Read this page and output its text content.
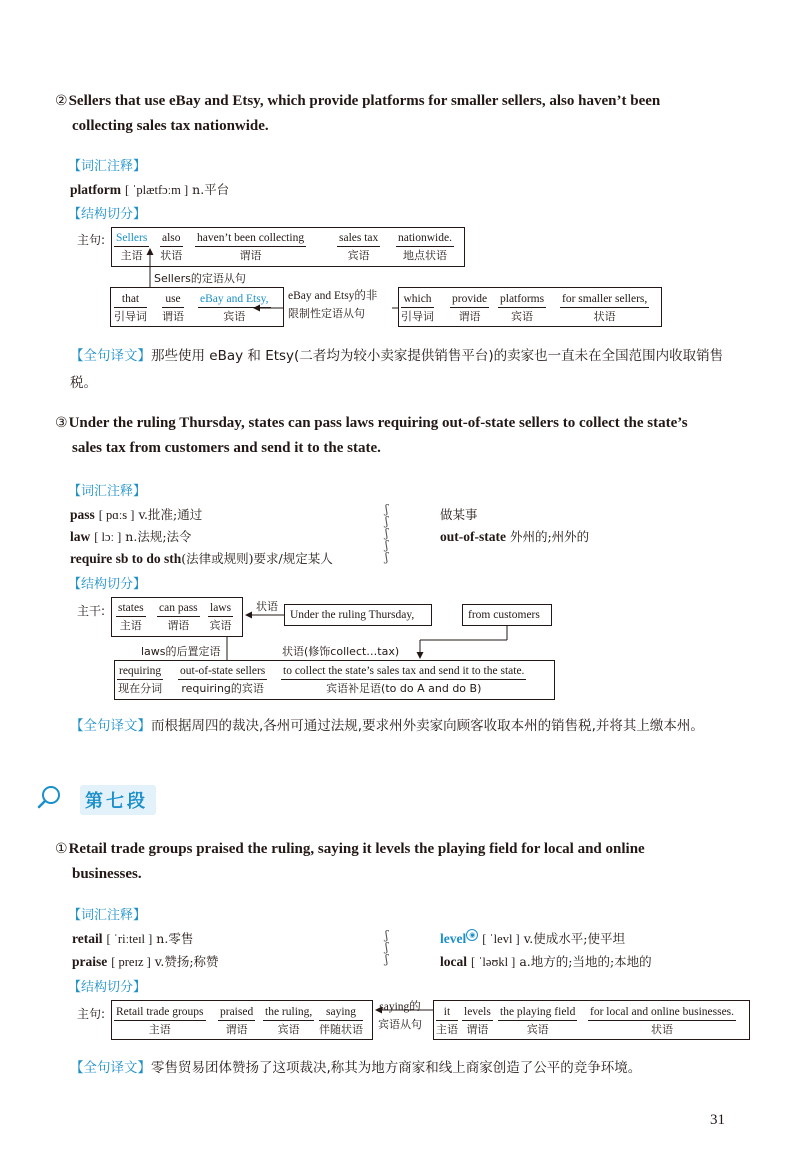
②Sellers that use eBay and Etsy, which provide platforms for smaller sellers, also haven’t been
collecting sales tax nationwide.
【词汇注释】
platform [ ˈplætfɔːm ] n.平台
【结构切分】
主句: Sellers
主语
also
状语
haven’t been collecting
谓语
sales tax
宾语
nationwide.
地点状语
Sellers的定语从句
that
引导词
use
谓语
eBay and Etsy,
宾语
eBay and Etsy的非
限制性定语从句
which
引导词
provide
谓语
platforms
宾语
for smaller sellers,
状语
【全句译文】那些使用 eBay 和 Etsy(二者均为较小卖家提供销售平台)的卖家也一直未在全国范围内收取销售税。
③Under the ruling Thursday, states can pass laws requiring out-of-state sellers to collect the state’s
sales tax from customers and send it to the state.
【词汇注释】
pass [ pɑːs ] v.批准;通过
law [ lɔː ] n.法规;法令
require sb to do sth(法律或规则)要求/规定某人
ʃ
ʃ
ʃ
ʃ
ʃ
做某事
out-of-state 外州的;州外的
【结构切分】
主干: states
主语
can pass
谓语
laws
宾语
状语
Under the ruling Thursday,	from customers
laws的后置定语	状语(修饰collect…tax)
requiring
现在分词
out-of-state sellers
requiring的宾语
to collect the state’s sales tax and send it to the state.
宾语补足语(to do A and do B)
【全句译文】而根据周四的裁决,各州可通过法规,要求州外卖家向顾客收取本州的销售税,并将其上缴本州。
第七段
①Retail trade groups praised the ruling, saying it levels the playing field for local and online
businesses.
【词汇注释】
retail [ ˈriːteɪl ] n.零售
praise [ preɪz ] v.赞扬;称赞
ʃ
ʃ
ʃ
level ◉ [ ˈlevl ] v.使成水平;使平坦
local [ ˈləʊkl ] a.地方的;当地的;本地的
【结构切分】
主句: Retail trade groups
主语
praised
谓语
the ruling,
宾语
saying
伴随状语
saying的
宾语从句
it
主语
levels
谓语
the playing field
宾语
for local and online businesses.
状语
【全句译文】零售贸易团体赞扬了这项裁决,称其为地方商家和线上商家创造了公平的竞争环境。
31
